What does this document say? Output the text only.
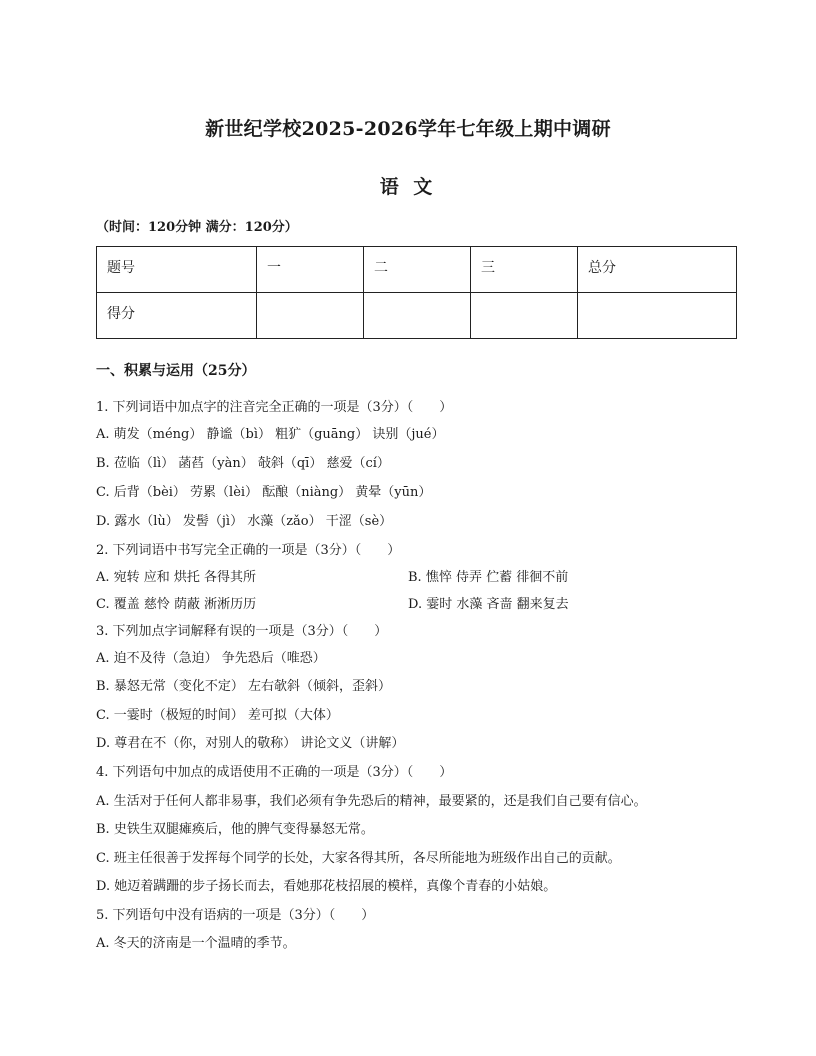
新世纪学校2025-2026学年七年级上期中调研
语 文
（时间：120分钟 满分：120分）
题号	一	二	三	总分
得分				
一、积累与运用（25分）
1. 下列词语中加点字的注音完全正确的一项是（3分）（　　）
A. 萌发（méng） 静谧（bì） 粗犷（guāng） 诀别（jué）
B. 莅临（lì） 菡萏（yàn） 敧斜（qī） 慈爱（cí）
C. 后背（bèi） 劳累（lèi） 酝酿（niàng） 黄晕（yūn）
D. 露水（lù） 发髻（jì） 水藻（zǎo） 干涩（sè）
2. 下列词语中书写完全正确的一项是（3分）（　　）
A. 宛转 应和 烘托 各得其所	B. 憔悴 侍弄 伫蓄 徘徊不前
C. 覆盖 慈怜 荫蔽 淅淅历历	D. 霎时 水藻 吝啬 翻来复去
3. 下列加点字词解释有误的一项是（3分）（　　）
A. 迫不及待（急迫） 争先恐后（唯恐）
B. 暴怒无常（变化不定） 左右欹斜（倾斜，歪斜）
C. 一霎时（极短的时间） 差可拟（大体）
D. 尊君在不（你，对别人的敬称） 讲论文义（讲解）
4. 下列语句中加点的成语使用不正确的一项是（3分）（　　）
A. 生活对于任何人都非易事，我们必须有争先恐后的精神，最要紧的，还是我们自己要有信心。
B. 史铁生双腿瘫痪后，他的脾气变得暴怒无常。
C. 班主任很善于发挥每个同学的长处，大家各得其所，各尽所能地为班级作出自己的贡献。
D. 她迈着蹒跚的步子扬长而去，看她那花枝招展的模样，真像个青春的小姑娘。
5. 下列语句中没有语病的一项是（3分）（　　）
A. 冬天的济南是一个温晴的季节。
